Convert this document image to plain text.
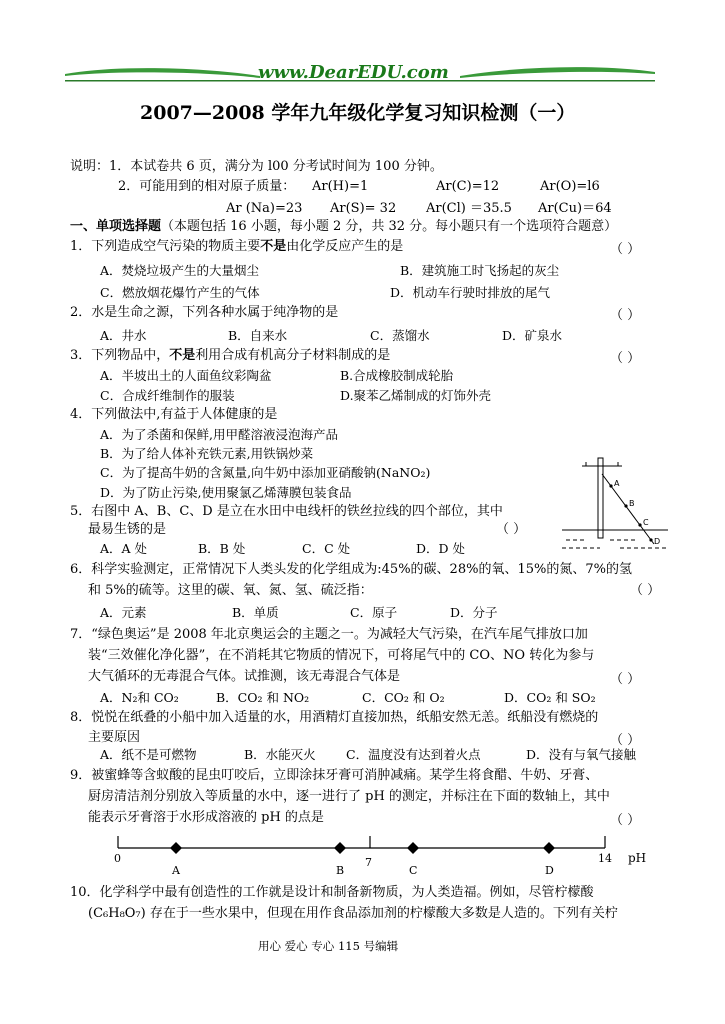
www.DearEDU.com
2007—2008 学年九年级化学复习知识检测（一）
说明：1．本试卷共 6 页，满分为 l00 分考试时间为 100 分钟。
2．可能用到的相对原子质量： Ar(H)=1	Ar(C)=12	Ar(O)=l6
Ar (Na)=23 Ar(S)= 32 Ar(Cl) ＝35.5 Ar(Cu)＝64
一、单项选择题（本题包括 16 小题，每小题 2 分，共 32 分。每小题只有一个选项符合题意）
1．下列造成空气污染的物质主要不是由化学反应产生的是	（ ）
A．焚烧垃圾产生的大量烟尘	B．建筑施工时飞扬起的灰尘
C．燃放烟花爆竹产生的气体	D．机动车行驶时排放的尾气
2．水是生命之源，下列各种水属于纯净物的是	（ ）
A．井水	B．自来水	C．蒸馏水	D．矿泉水
3．下列物品中，不是利用合成有机高分子材料制成的是	（ ）
A．半坡出土的人面鱼纹彩陶盆	B.合成橡胶制成轮胎
C．合成纤维制作的服装	D.聚苯乙烯制成的灯饰外壳
4．下列做法中,有益于人体健康的是
A．为了杀菌和保鲜,用甲醛溶液浸泡海产品
B．为了给人体补充铁元素,用铁锅炒菜
C．为了提高牛奶的含氮量,向牛奶中添加亚硝酸钠(NaNO₂)
D．为了防止污染,使用聚氯乙烯薄膜包装食品
A
B
C
D
5．右图中 A、B、C、D 是立在水田中电线杆的铁丝拉线的四个部位，其中
最易生锈的是	（ ）
A．A 处	B．B 处	C．C 处	D．D 处
6．科学实验测定，正常情况下人类头发的化学组成为:45%的碳、28%的氧、15%的氮、7%的氢
和 5%的硫等。这里的碳、氧、氮、氢、硫泛指：	（ ）
A．元素	B．单质	C．原子	D．分子
7．“绿色奥运”是 2008 年北京奥运会的主题之一。为减轻大气污染，在汽车尾气排放口加
装“三效催化净化器”，在不消耗其它物质的情况下，可将尾气中的 CO、NO 转化为参与
大气循环的无毒混合气体。试推测，该无毒混合气体是	（ ）
A．N₂和 CO₂	B．CO₂ 和 NO₂	C．CO₂ 和 O₂	D．CO₂ 和 SO₂
8．悦悦在纸叠的小船中加入适量的水，用酒精灯直接加热，纸船安然无恙。纸船没有燃烧的
主要原因	（ ）
A．纸不是可燃物	B．水能灭火 C．温度没有达到着火点	D．没有与氧气接触
9．被蜜蜂等含蚁酸的昆虫叮咬后，立即涂抹牙膏可消肿减痛。某学生将食醋、牛奶、牙膏、
厨房清洁剂分别放入等质量的水中，逐一进行了 pH 的测定，并标注在下面的数轴上，其中
能表示牙膏溶于水形成溶液的 pH 的点是	（ ）
0	7	14 pH
A	B	C	D
10．化学科学中最有创造性的工作就是设计和制备新物质，为人类造福。例如，尽管柠檬酸
(C₆H₈O₇) 存在于一些水果中，但现在用作食品添加剂的柠檬酸大多数是人造的。下列有关柠
用心 爱心 专心 115 号编辑
